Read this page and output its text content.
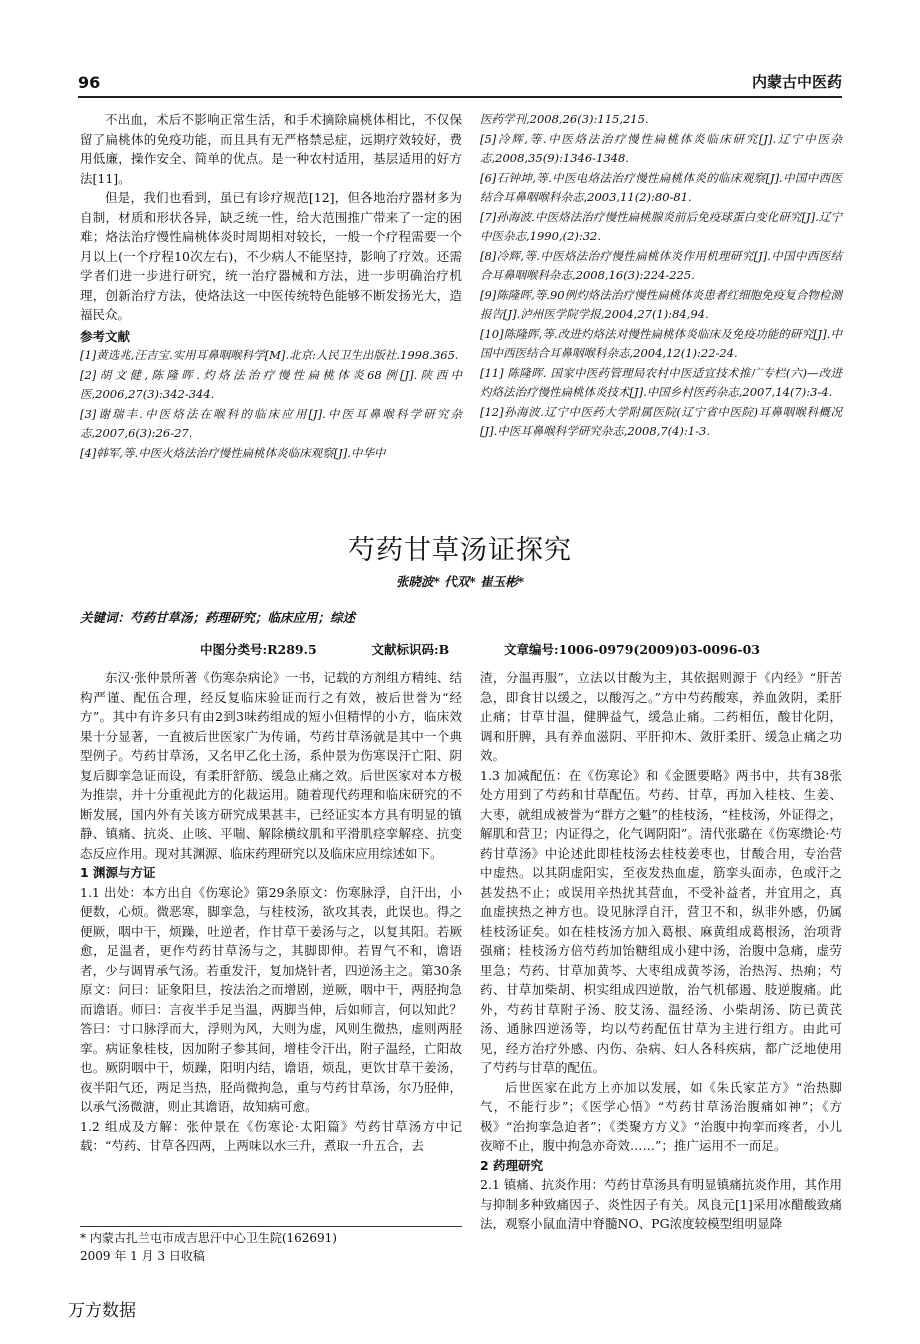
96	内蒙古中医药

不出血，术后不影响正常生活，和手术摘除扁桃体相比，不仅保留了扁桃体的免疫功能，而且具有无严格禁忌症，远期疗效较好，费用低廉，操作安全、简单的优点。是一种农村适用，基层适用的好方法[11]。

但是，我们也看到，虽已有诊疗规范[12]，但各地治疗器材多为自制，材质和形状各异，缺乏统一性，给大范围推广带来了一定的困难；烙法治疗慢性扁桃体炎时周期相对较长，一般一个疗程需要一个月以上(一个疗程10次左右)，不少病人不能坚持，影响了疗效。还需学者们进一步进行研究，统一治疗器械和方法，进一步明确治疗机理，创新治疗方法，使烙法这一中医传统特色能够不断发扬光大，造福民众。

参考文献

[1]黄选兆,汪吉宝.实用耳鼻咽喉科学[M].北京:人民卫生出版社.1998.365.

[2]胡文健,陈隆晖.灼烙法治疗慢性扁桃体炎68例[J].陕西中医,2006,27(3):342-344.

[3]谢瑞丰.中医烙法在喉科的临床应用[J].中医耳鼻喉科学研究杂志,2007,6(3):26-27.

[4]韩军,等.中医火烙法治疗慢性扁桃体炎临床观察[J].中华中

医药学刊,2008,26(3):115,215.

[5]冷辉,等.中医烙法治疗慢性扁桃体炎临床研究[J].辽宁中医杂志,2008,35(9):1346-1348.

[6]石钟坤,等.中医电烙法治疗慢性扁桃体炎的临床观察[J].中国中西医结合耳鼻咽喉科杂志,2003,11(2):80-81.

[7]孙海波.中医烙法治疗慢性扁桃腺炎前后免疫球蛋白变化研究[J].辽宁中医杂志,1990,(2):32.

[8]冷辉,等.中医烙法治疗慢性扁桃体炎作用机理研究[J].中国中西医结合耳鼻咽喉科杂志,2008,16(3):224-225.

[9]陈隆晖,等.90例灼烙法治疗慢性扁桃体炎患者红细胞免疫复合物检测报告[J].泸州医学院学报,2004,27(1):84,94.

[10]陈隆晖,等.改进灼烙法对慢性扁桃体炎临床及免疫功能的研究[J].中国中西医结合耳鼻咽喉科杂志,2004,12(1):22-24.

[11] 陈隆晖. 国家中医药管理局农村中医适宜技术推广专栏(六)—改进灼烙法治疗慢性扁桃体炎技术[J].中国乡村医药杂志,2007,14(7):3-4.

[12]孙海波.辽宁中医药大学附属医院(辽宁省中医院)耳鼻咽喉科概况[J].中医耳鼻喉科学研究杂志,2008,7(4):1-3.

芍药甘草汤证探究
张晓波* 代双* 崔玉彬*
关键词：芍药甘草汤；药理研究；临床应用；综述
中图分类号:R289.5	文献标识码:B	文章编号:1006-0979(2009)03-0096-03

东汉·张仲景所著《伤寒杂病论》一书，记载的方剂组方精纯、结构严谨、配伍合理，经反复临床验证而行之有效，被后世誉为“经方”。其中有许多只有由2到3味药组成的短小但精悍的小方，临床效果十分显著，一直被后世医家广为传诵，芍药甘草汤就是其中一个典型例子。芍药甘草汤，又名甲乙化土汤，系仲景为伤寒误汗亡阳、阴复后脚挛急证而设，有柔肝舒筋、缓急止痛之效。后世医家对本方极为推崇，并十分重视此方的化裁运用。随着现代药理和临床研究的不断发展，国内外有关该方研究成果甚丰，已经证实本方具有明显的镇静、镇痛、抗炎、止咳、平喘、解除横纹肌和平滑肌痉挛解痉、抗变态反应作用。现对其渊源、临床药理研究以及临床应用综述如下。

1 渊源与方证

1.1 出处：本方出自《伤寒论》第29条原文：伤寒脉浮，自汗出，小便数，心烦。微恶寒，脚挛急，与桂枝汤，欲攻其表，此误也。得之便厥，咽中干，烦躁，吐逆者，作甘草干姜汤与之，以复其阳。若厥愈，足温者，更作芍药甘草汤与之，其脚即伸。若胃气不和，谵语者，少与调胃承气汤。若重发汗，复加烧针者，四逆汤主之。第30条原文：问曰：证象阳旦，按法治之而增剧，逆厥，咽中干，两胫拘急而谵语。师曰：言夜半手足当温，两脚当伸，后如师言，何以知此？答曰：寸口脉浮而大，浮则为风，大则为虚，风则生微热，虚则两胫挛。病证象桂枝，因加附子参其间，增桂令汗出，附子温经，亡阳故也。厥阴咽中干，烦躁，阳明内结，谵语，烦乱，更饮甘草干姜汤，夜半阳气还，两足当热，胫尚微拘急，重与芍药甘草汤，尔乃胫伸，以承气汤微溏，则止其谵语，故知病可愈。

1.2 组成及方解：张仲景在《伤寒论·太阳篇》芍药甘草汤方中记载：“芍药、甘草各四两，上两味以水三升，煮取一升五合，去

渣，分温再服”，立法以甘酸为主，其依据则源于《内经》“肝苦急，即食甘以缓之，以酸泻之。”方中芍药酸寒，养血敛阴，柔肝止痛；甘草甘温，健脾益气，缓急止痛。二药相伍，酸甘化阴，调和肝脾，具有养血滋阴、平肝抑木、敛肝柔肝、缓急止痛之功效。

1.3 加减配伍：在《伤寒论》和《金匮要略》两书中，共有38张处方用到了芍药和甘草配伍。芍药、甘草，再加入桂枝、生姜、大枣，就组成被誉为“群方之魁”的桂枝汤，“桂枝汤，外证得之，解肌和营卫；内证得之，化气调阴阳”。清代张璐在《伤寒缵论·芍药甘草汤》中论述此即桂枝汤去桂枝姜枣也，甘酸合用，专治营中虚热。以其阴虚阳实，至夜发热血虚，筋挛头面赤，色或汗之甚发热不止；或误用辛热扰其营血，不受补益者，并宜用之，真血虚挟热之神方也。设见脉浮自汗，营卫不和，纵非外感，仍属桂枝汤证矣。如在桂枝汤方加入葛根、麻黄组成葛根汤，治项背强痛；桂枝汤方倍芍药加饴糖组成小建中汤，治腹中急痛，虚劳里急；芍药、甘草加黄芩、大枣组成黄芩汤，治热泻、热痢；芍药、甘草加柴胡、枳实组成四逆散，治气机郁遏、肢逆腹痛。此外，芍药甘草附子汤、胶艾汤、温经汤、小柴胡汤、防已黄芪汤、通脉四逆汤等，均以芍药配伍甘草为主进行组方。由此可见，经方治疗外感、内伤、杂病、妇人各科疾病，都广泛地使用了芍药与甘草的配伍。

后世医家在此方上亦加以发展，如《朱氏家芷方》“治热脚气，不能行步”；《医学心悟》“芍药甘草汤治腹痛如神”；《方极》“治拘挛急迫者”；《类聚方方义》“治腹中拘挛而疼者，小儿夜啼不止，腹中拘急亦奇效……”；推广运用不一而足。

2 药理研究

2.1 镇痛、抗炎作用：芍药甘草汤具有明显镇痛抗炎作用，其作用与抑制多种致痛因子、炎性因子有关。凤良元[1]采用冰醋酸致痛法，观察小鼠血清中脊髓NO、PG浓度较模型组明显降

* 内蒙古扎兰屯市成吉思汗中心卫生院(162691)

2009 年 1 月 3 日收稿

万方数据
